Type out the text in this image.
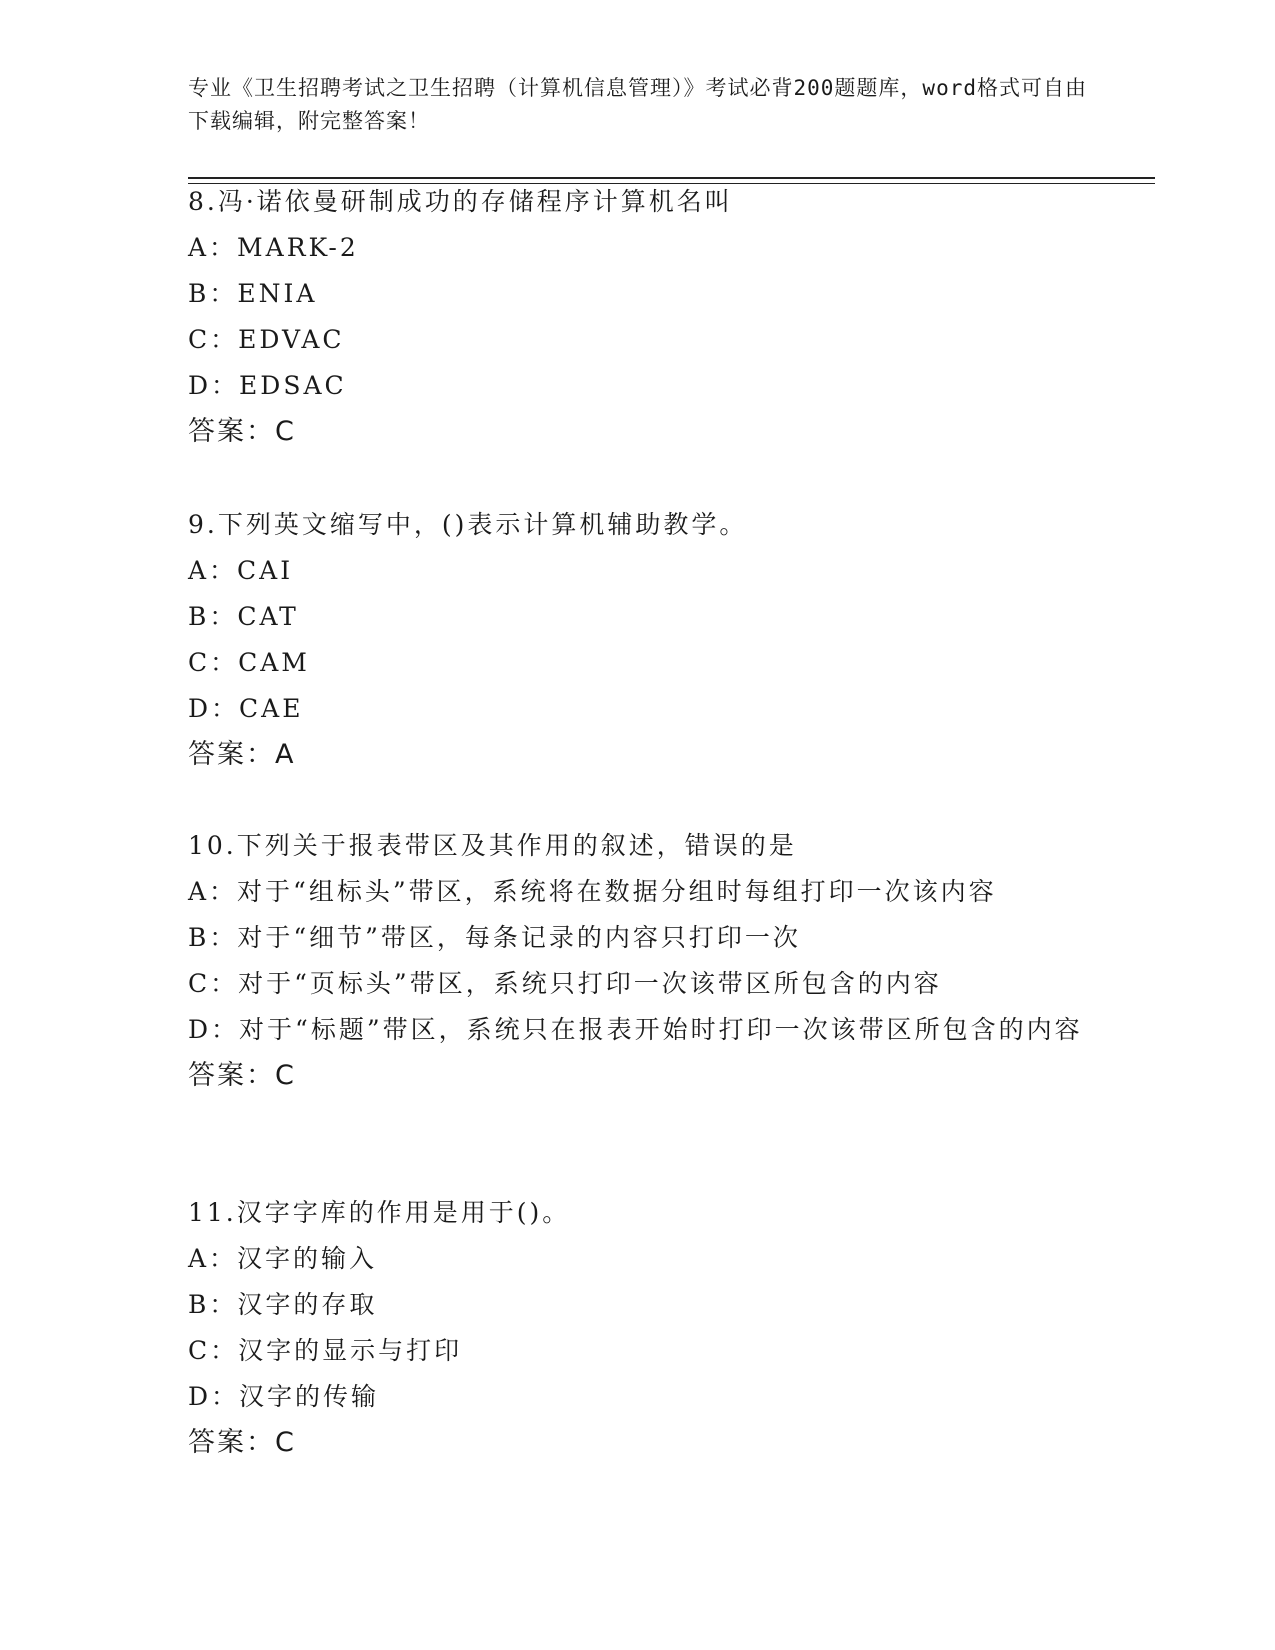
专业《卫生招聘考试之卫生招聘（计算机信息管理）》考试必背200题题库，word格式可自由下载编辑，附完整答案！
8.冯·诺依曼研制成功的存储程序计算机名叫
A：MARK-2
B：ENIA
C：EDVAC
D：EDSAC
答案：C
9.下列英文缩写中，()表示计算机辅助教学。
A：CAI
B：CAT
C：CAM
D：CAE
答案：A
10.下列关于报表带区及其作用的叙述，错误的是
A：对于“组标头”带区，系统将在数据分组时每组打印一次该内容
B：对于“细节”带区，每条记录的内容只打印一次
C：对于“页标头”带区，系统只打印一次该带区所包含的内容
D：对于“标题”带区，系统只在报表开始时打印一次该带区所包含的内容
答案：C
11.汉字字库的作用是用于()。
A：汉字的输入
B：汉字的存取
C：汉字的显示与打印
D：汉字的传输
答案：C
